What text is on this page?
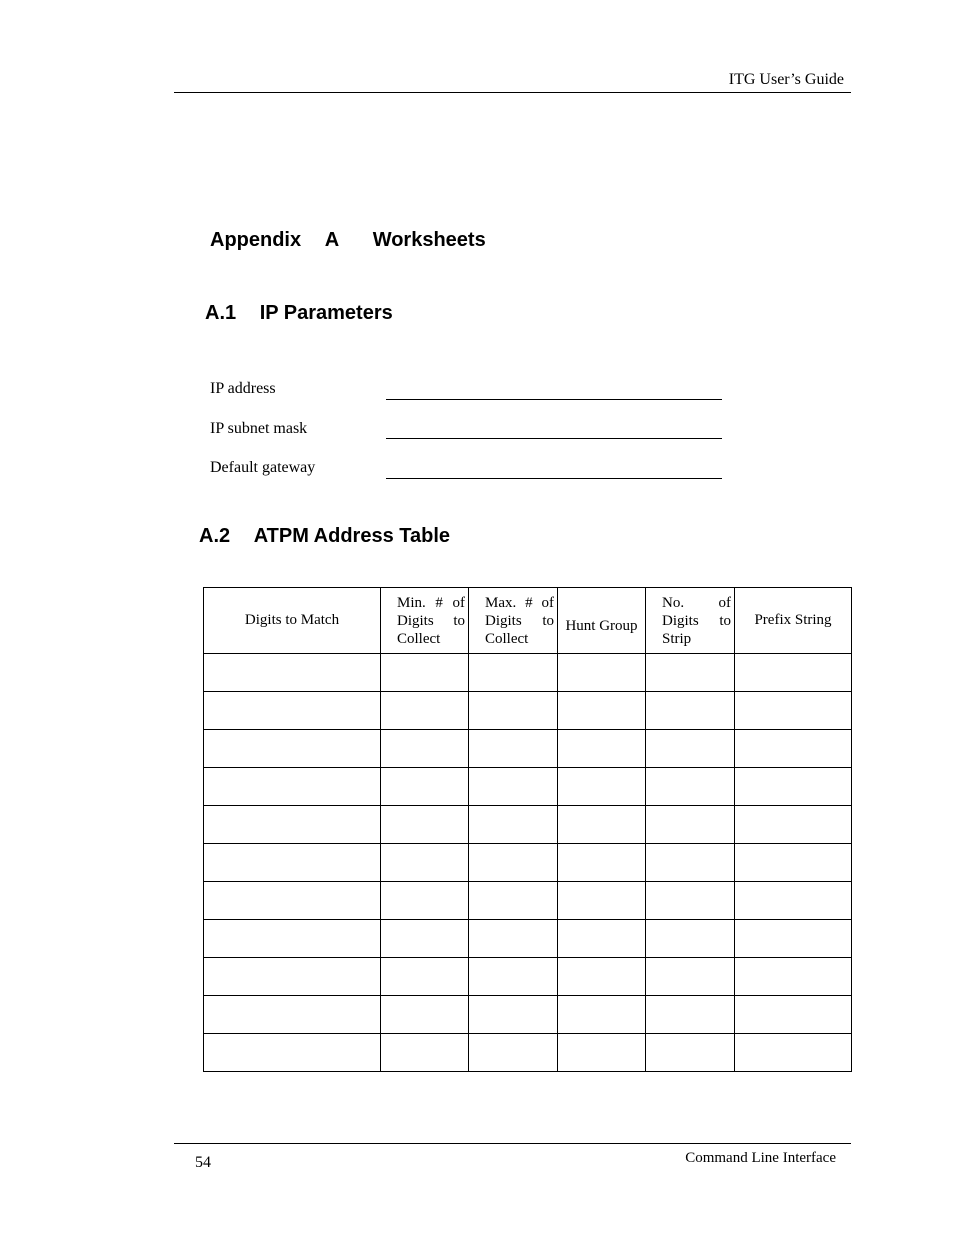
ITG User’s Guide
Appendix A Worksheets
A.1 IP Parameters
IP address
IP subnet mask
Default gateway
A.2 ATPM Address Table
Digits to Match	Min. # of Digits to Collect	Max. # of Digits to Collect	Hunt Group	No. of Digits to Strip	Prefix String

54	Command Line Interface
